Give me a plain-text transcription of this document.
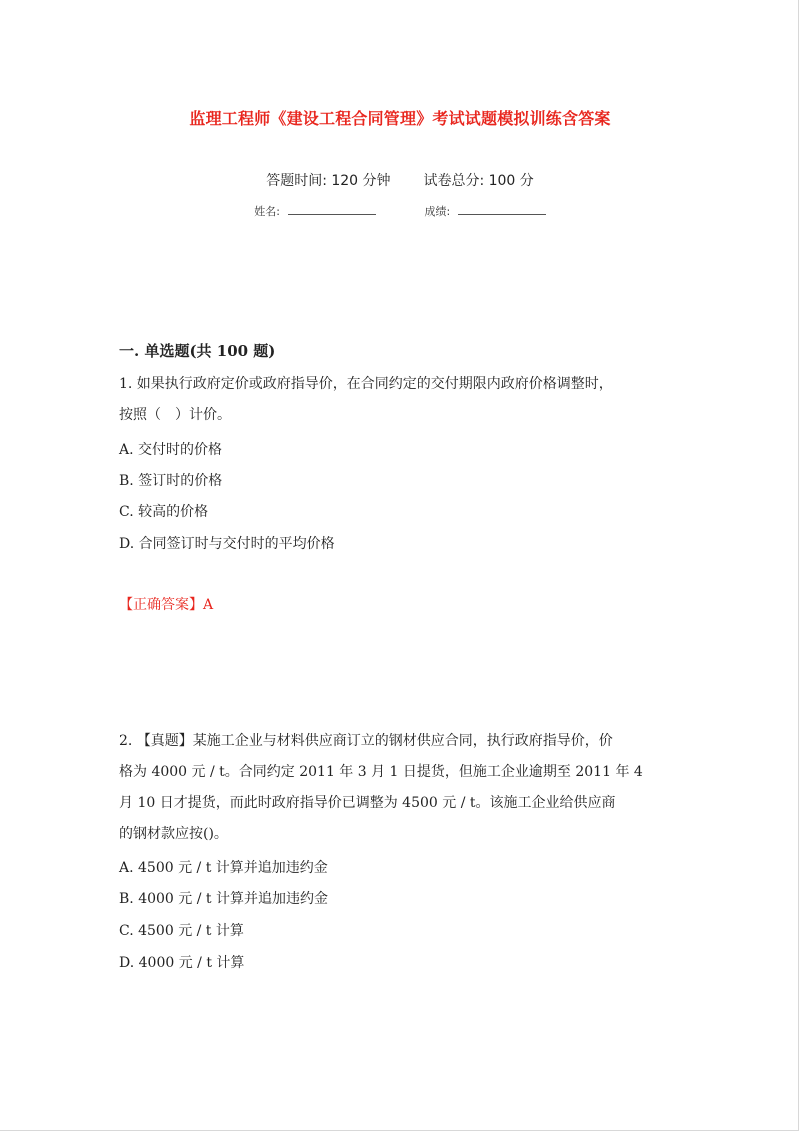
监理工程师《建设工程合同管理》考试试题模拟训练含答案
答题时间: 120 分钟 试卷总分: 100 分
姓名:	成绩:
一. 单选题(共 100 题)
1. 如果执行政府定价或政府指导价，在合同约定的交付期限内政府价格调整时，
按照（　）计价。
A. 交付时的价格
B. 签订时的价格
C. 较高的价格
D. 合同签订时与交付时的平均价格
【正确答案】A
2. 【真题】某施工企业与材料供应商订立的钢材供应合同，执行政府指导价，价
格为 4000 元 / t。合同约定 2011 年 3 月 1 日提货，但施工企业逾期至 2011 年 4
月 10 日才提货，而此时政府指导价已调整为 4500 元 / t。该施工企业给供应商
的钢材款应按()。
A. 4500 元 / t 计算并追加违约金
B. 4000 元 / t 计算并追加违约金
C. 4500 元 / t 计算
D. 4000 元 / t 计算
